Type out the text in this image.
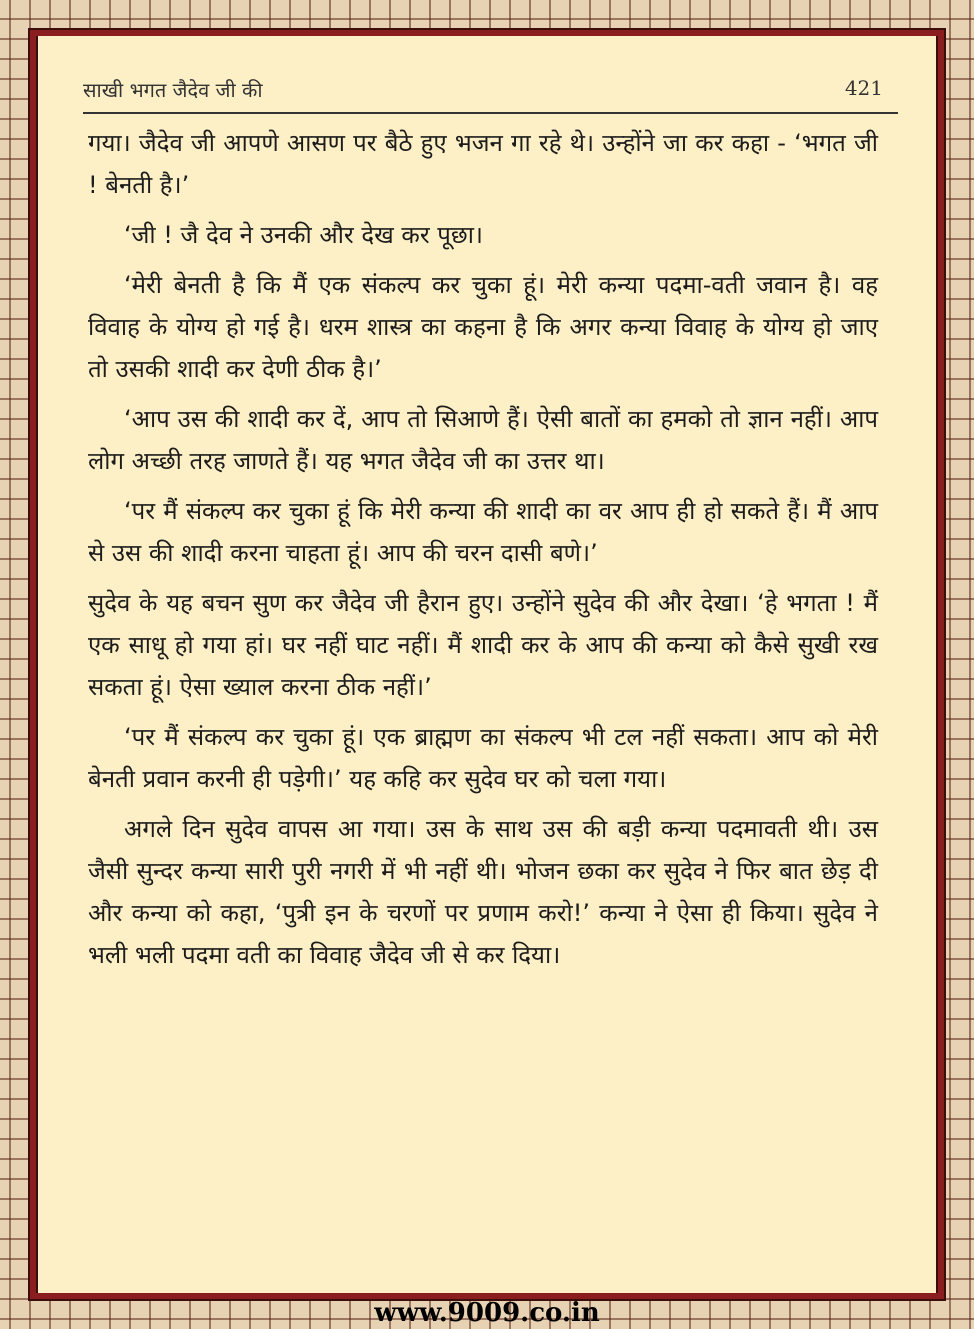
साखी भगत जैदेव जी की	421

गया। जैदेव जी आपणे आसण पर बैठे हुए भजन गा रहे थे। उन्होंने जा कर कहा - ‘भगत जी ! बेनती है।’

‘जी ! जै देव ने उनकी और देख कर पूछा।

‘मेरी बेनती है कि मैं एक संकल्प कर चुका हूं। मेरी कन्या पदमा-वती जवान है। वह विवाह के योग्य हो गई है। धरम शास्त्र का कहना है कि अगर कन्या विवाह के योग्य हो जाए तो उसकी शादी कर देणी ठीक है।’

‘आप उस की शादी कर दें, आप तो सिआणे हैं। ऐसी बातों का हमको तो ज्ञान नहीं। आप लोग अच्छी तरह जाणते हैं। यह भगत जैदेव जी का उत्तर था।

‘पर मैं संकल्प कर चुका हूं कि मेरी कन्या की शादी का वर आप ही हो सकते हैं। मैं आप से उस की शादी करना चाहता हूं। आप की चरन दासी बणे।’

सुदेव के यह बचन सुण कर जैदेव जी हैरान हुए। उन्होंने सुदेव की और देखा। ‘हे भगता ! मैं एक साधू हो गया हां। घर नहीं घाट नहीं। मैं शादी कर के आप की कन्या को कैसे सुखी रख सकता हूं। ऐसा ख्याल करना ठीक नहीं।’

‘पर मैं संकल्प कर चुका हूं। एक ब्राह्मण का संकल्प भी टल नहीं सकता। आप को मेरी बेनती प्रवान करनी ही पड़ेगी।’ यह कहि कर सुदेव घर को चला गया।

अगले दिन सुदेव वापस आ गया। उस के साथ उस की बड़ी कन्या पदमावती थी। उस जैसी सुन्दर कन्या सारी पुरी नगरी में भी नहीं थी। भोजन छका कर सुदेव ने फिर बात छेड़ दी और कन्या को कहा, ‘पुत्री इन के चरणों पर प्रणाम करो!’ कन्या ने ऐसा ही किया। सुदेव ने भली भली पदमा वती का विवाह जैदेव जी से कर दिया।

www.9009.co.in
